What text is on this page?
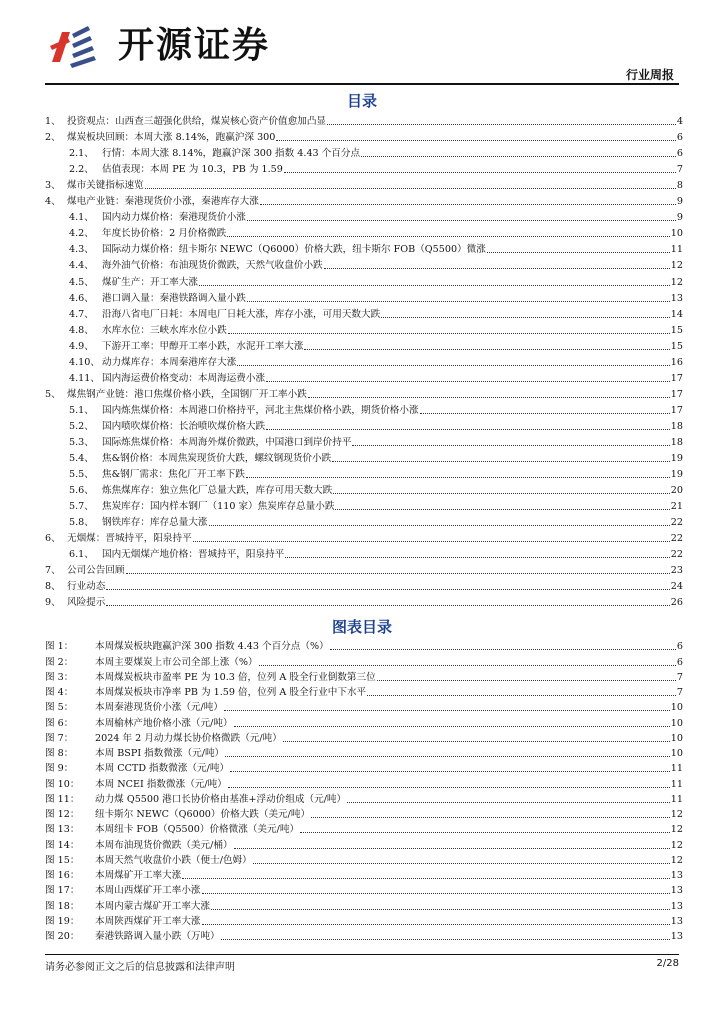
开源证券
行业周报
目录
1、 投资观点：山西查三超强化供给，煤炭核心资产价值愈加凸显	4
2、 煤炭板块回顾：本周大涨 8.14%，跑赢沪深 300	6
2.1、 行情：本周大涨 8.14%，跑赢沪深 300 指数 4.43 个百分点	6
2.2、 估值表现：本周 PE 为 10.3，PB 为 1.59	7
3、 煤市关键指标速览	8
4、 煤电产业链：秦港现货价小涨，秦港库存大涨	9
4.1、 国内动力煤价格：秦港现货价小涨	9
4.2、 年度长协价格：2 月价格微跌	10
4.3、 国际动力煤价格：纽卡斯尔 NEWC（Q6000）价格大跌，纽卡斯尔 FOB（Q5500）微涨	11
4.4、 海外油气价格：布油现货价微跌，天然气收盘价小跌	12
4.5、 煤矿生产：开工率大涨	12
4.6、 港口调入量：秦港铁路调入量小跌	13
4.7、 沿海八省电厂日耗：本周电厂日耗大涨，库存小涨，可用天数大跌	14
4.8、 水库水位：三峡水库水位小跌	15
4.9、 下游开工率：甲醇开工率小跌，水泥开工率大涨	15
4.10、 动力煤库存：本周秦港库存大涨	16
4.11、 国内海运费价格变动：本周海运费小涨	17
5、 煤焦钢产业链：港口焦煤价格小跌，全国钢厂开工率小跌	17
5.1、 国内炼焦煤价格：本周港口价格持平，河北主焦煤价格小跌，期货价格小涨	17
5.2、 国内喷吹煤价格：长治喷吹煤价格大跌	18
5.3、 国际炼焦煤价格：本周海外煤价微跌，中国港口到岸价持平	18
5.4、 焦&钢价格：本周焦炭现货价大跌，螺纹钢现货价小跌	19
5.5、 焦&钢厂需求：焦化厂开工率下跌	19
5.6、 炼焦煤库存：独立焦化厂总量大跌，库存可用天数大跌	20
5.7、 焦炭库存：国内样本钢厂（110 家）焦炭库存总量小跌	21
5.8、 钢铁库存：库存总量大涨	22
6、 无烟煤：晋城持平，阳泉持平	22
6.1、 国内无烟煤产地价格：晋城持平，阳泉持平	22
7、 公司公告回顾	23
8、 行业动态	24
9、 风险提示	26
图表目录
图 1：	本周煤炭板块跑赢沪深 300 指数 4.43 个百分点（%）	6
图 2：	本周主要煤炭上市公司全部上涨（%）	6
图 3：	本周煤炭板块市盈率 PE 为 10.3 倍，位列 A 股全行业倒数第三位	7
图 4：	本周煤炭板块市净率 PB 为 1.59 倍，位列 A 股全行业中下水平	7
图 5：	本周秦港现货价小涨（元/吨）	10
图 6：	本周榆林产地价格小涨（元/吨）	10
图 7：	2024 年 2 月动力煤长协价格微跌（元/吨）	10
图 8：	本周 BSPI 指数微涨（元/吨）	10
图 9：	本周 CCTD 指数微涨（元/吨）	11
图 10：	本周 NCEI 指数微涨（元/吨）	11
图 11：	动力煤 Q5500 港口长协价格由基准+浮动价组成（元/吨）	11
图 12：	纽卡斯尔 NEWC（Q6000）价格大跌（美元/吨）	12
图 13：	本周纽卡 FOB（Q5500）价格微涨（美元/吨）	12
图 14：	本周布油现货价微跌（美元/桶）	12
图 15：	本周天然气收盘价小跌（便士/色姆）	12
图 16：	本周煤矿开工率大涨	13
图 17：	本周山西煤矿开工率小涨	13
图 18：	本周内蒙古煤矿开工率大涨	13
图 19：	本周陕西煤矿开工率大涨	13
图 20：	秦港铁路调入量小跌（万吨）	13
请务必参阅正文之后的信息披露和法律声明	2/28
